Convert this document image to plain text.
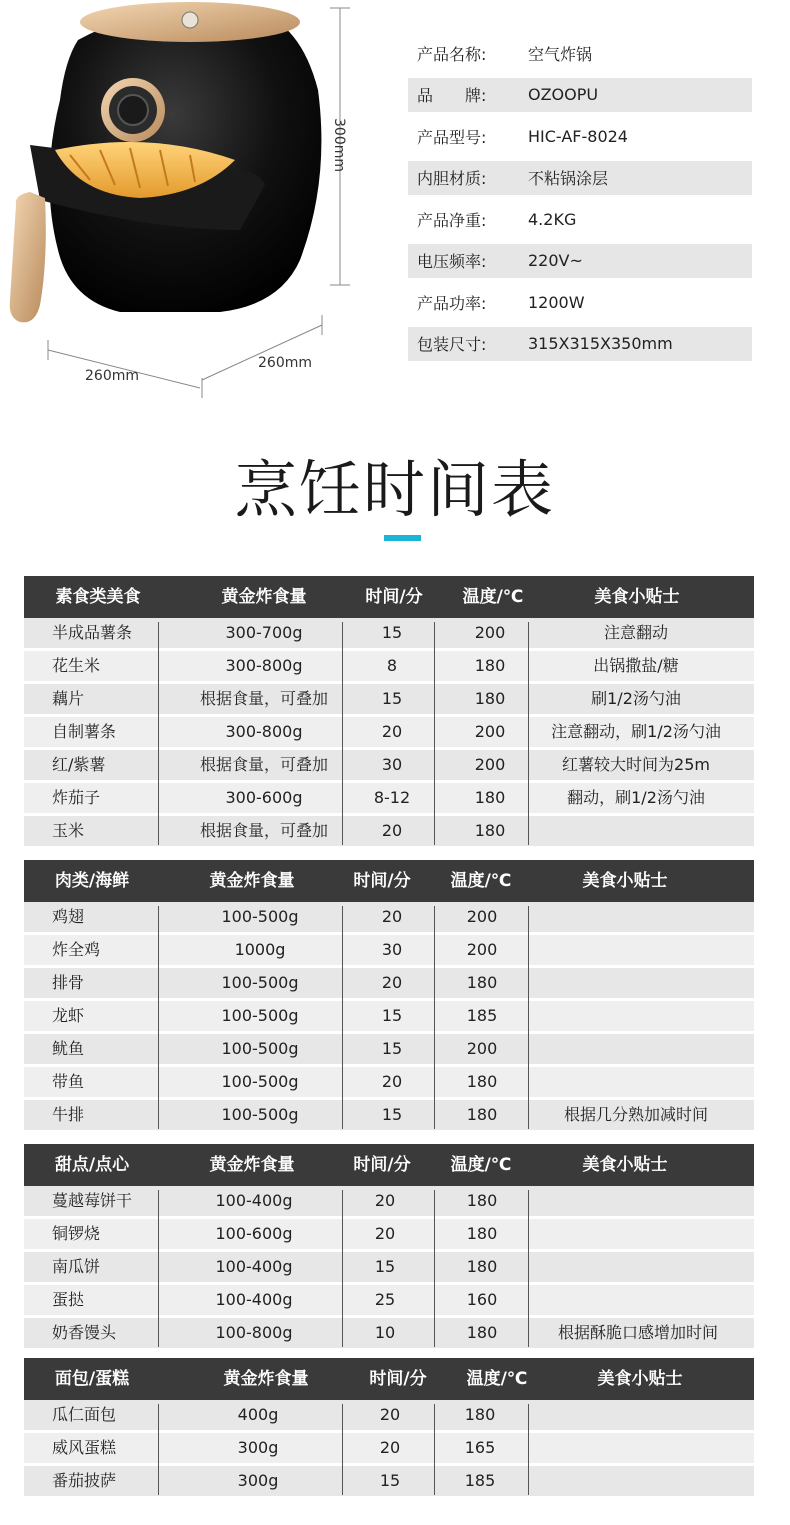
300mm
260mm
260mm
产品名称:	空气炸锅
品　　牌:	OZOOPU
产品型号:	HIC-AF-8024
内胆材质:	不粘锅涂层
产品净重:	4.2KG
电压频率:	220V~
产品功率:	1200W
包装尺寸:	315X315X350mm
烹饪时间表
素食类美食	黄金炸食量	时间/分 温度/℃	美食小贴士
半成品薯条	300-700g	15	200	注意翻动
花生米	300-800g	8	180	出锅撒盐/糖
藕片	根据食量，可叠加	15	180	刷1/2汤勺油
自制薯条	300-800g	20	200	注意翻动，刷1/2汤勺油
红/紫薯	根据食量，可叠加	30	200	红薯较大时间为25m
炸茄子	300-600g	8-12	180	翻动，刷1/2汤勺油
玉米	根据食量，可叠加	20	180
肉类/海鲜	黄金炸食量	时间/分 温度/℃	美食小贴士
鸡翅	100-500g	20	200
炸全鸡	1000g	30	200
排骨	100-500g	20	180
龙虾	100-500g	15	185
鱿鱼	100-500g	15	200
带鱼	100-500g	20	180
牛排	100-500g	15	180	根据几分熟加减时间
甜点/点心	黄金炸食量	时间/分 温度/℃	美食小贴士
蔓越莓饼干	100-400g	20	180
铜锣烧	100-600g	20	180
南瓜饼	100-400g	15	180
蛋挞	100-400g	25	160
奶香馒头	100-800g	10	180	根据酥脆口感增加时间
面包/蛋糕	黄金炸食量	时间/分 温度/℃	美食小贴士
瓜仁面包	400g	20	180
威风蛋糕	300g	20	165
番茄披萨	300g	15	185
